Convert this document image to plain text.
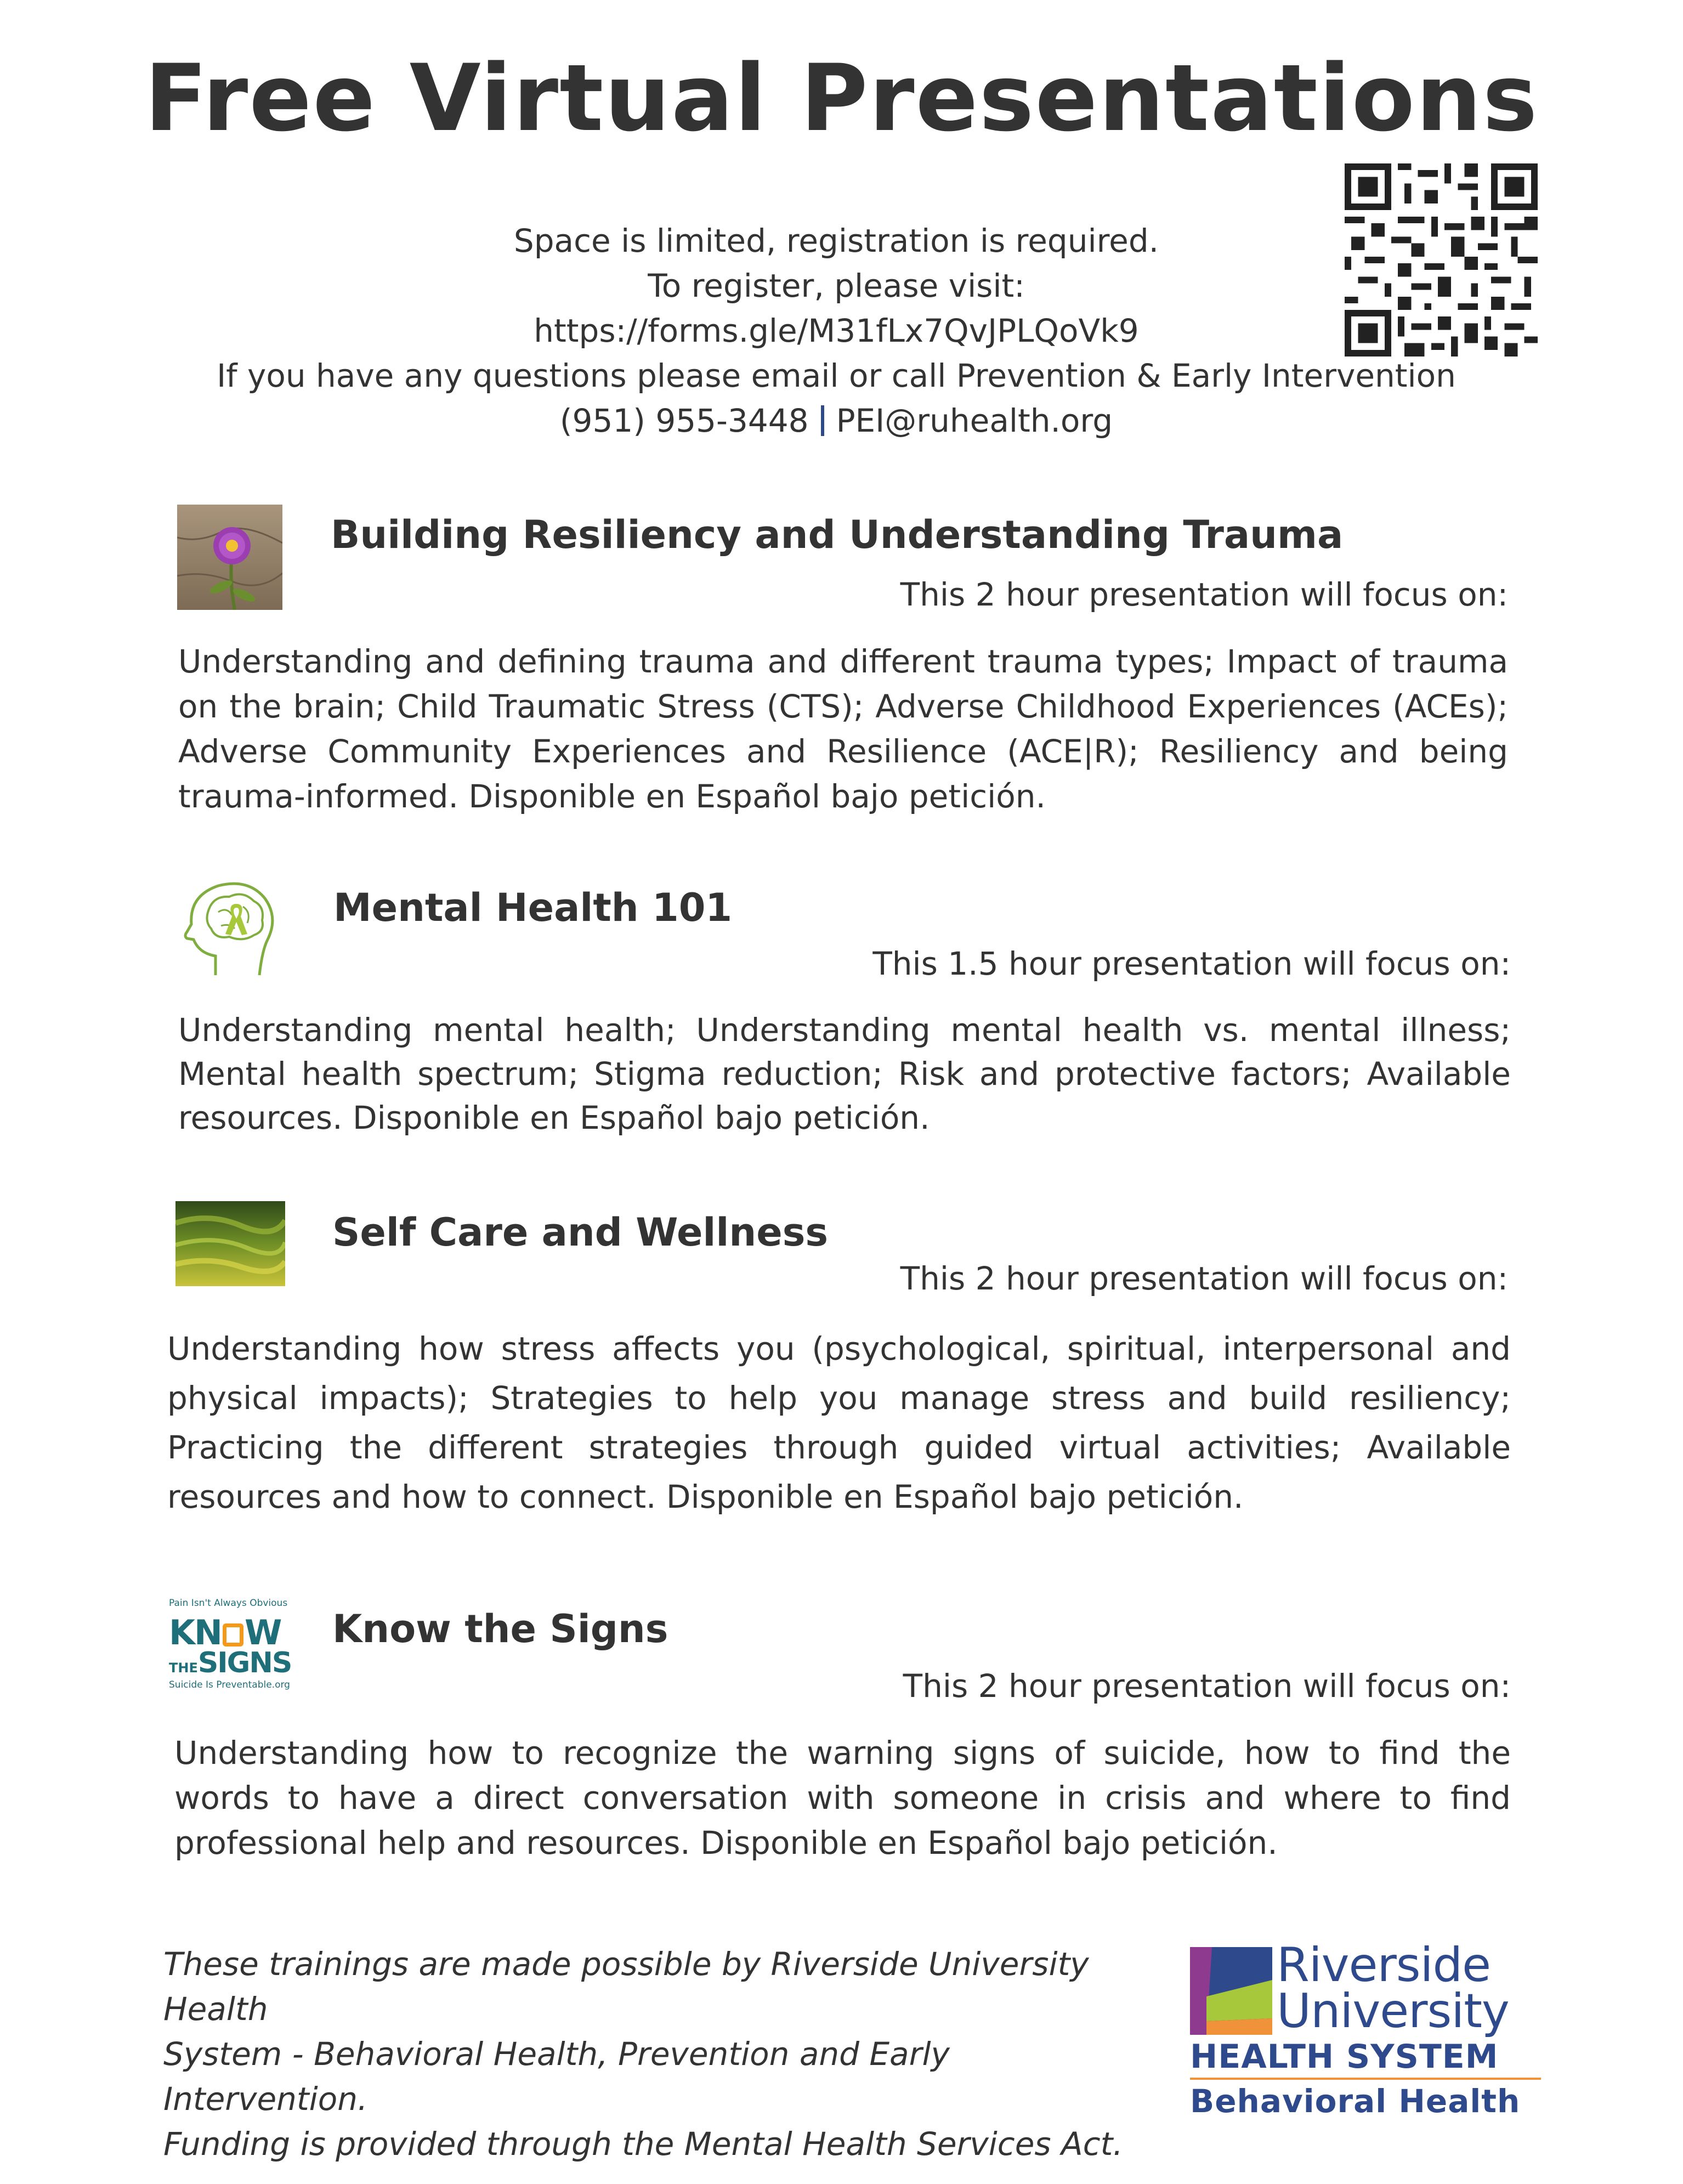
Free Virtual Presentations
Space is limited, registration is required.
To register, please visit:
https://forms.gle/M31fLx7QvJPLQoVk9
If you have any questions please email or call Prevention & Early Intervention
(951) 955-3448 PEI@ruhealth.org
Building Resiliency and Understanding Trauma
This 2 hour presentation will focus on:
Understanding and defining trauma and different trauma types; Impact of trauma on the brain; Child Traumatic Stress (CTS); Adverse Childhood Experiences (ACEs); Adverse Community Experiences and Resilience (ACE|R); Resiliency and being trauma-informed. Disponible en Español bajo petición.
Mental Health 101
This 1.5 hour presentation will focus on:
Understanding mental health; Understanding mental health vs. mental illness; Mental health spectrum; Stigma reduction; Risk and protective factors; Available resources. Disponible en Español bajo petición.
Self Care and Wellness
This 2 hour presentation will focus on:
Understanding how stress affects you (psychological, spiritual, interpersonal and physical impacts); Strategies to help you manage stress and build resiliency; Practicing the different strategies through guided virtual activities; Available resources and how to connect. Disponible en Español bajo petición.
Pain Isn't Always Obvious
KN W
THESIGNS
Suicide Is Preventable.org
Know the Signs
This 2 hour presentation will focus on:
Understanding how to recognize the warning signs of suicide, how to find the words to have a direct conversation with someone in crisis and where to find professional help and resources. Disponible en Español bajo petición.
These trainings are made possible by Riverside University Health
System - Behavioral Health, Prevention and Early Intervention.
Funding is provided through the Mental Health Services Act.
Riverside
University
HEALTH SYSTEM
Behavioral Health
